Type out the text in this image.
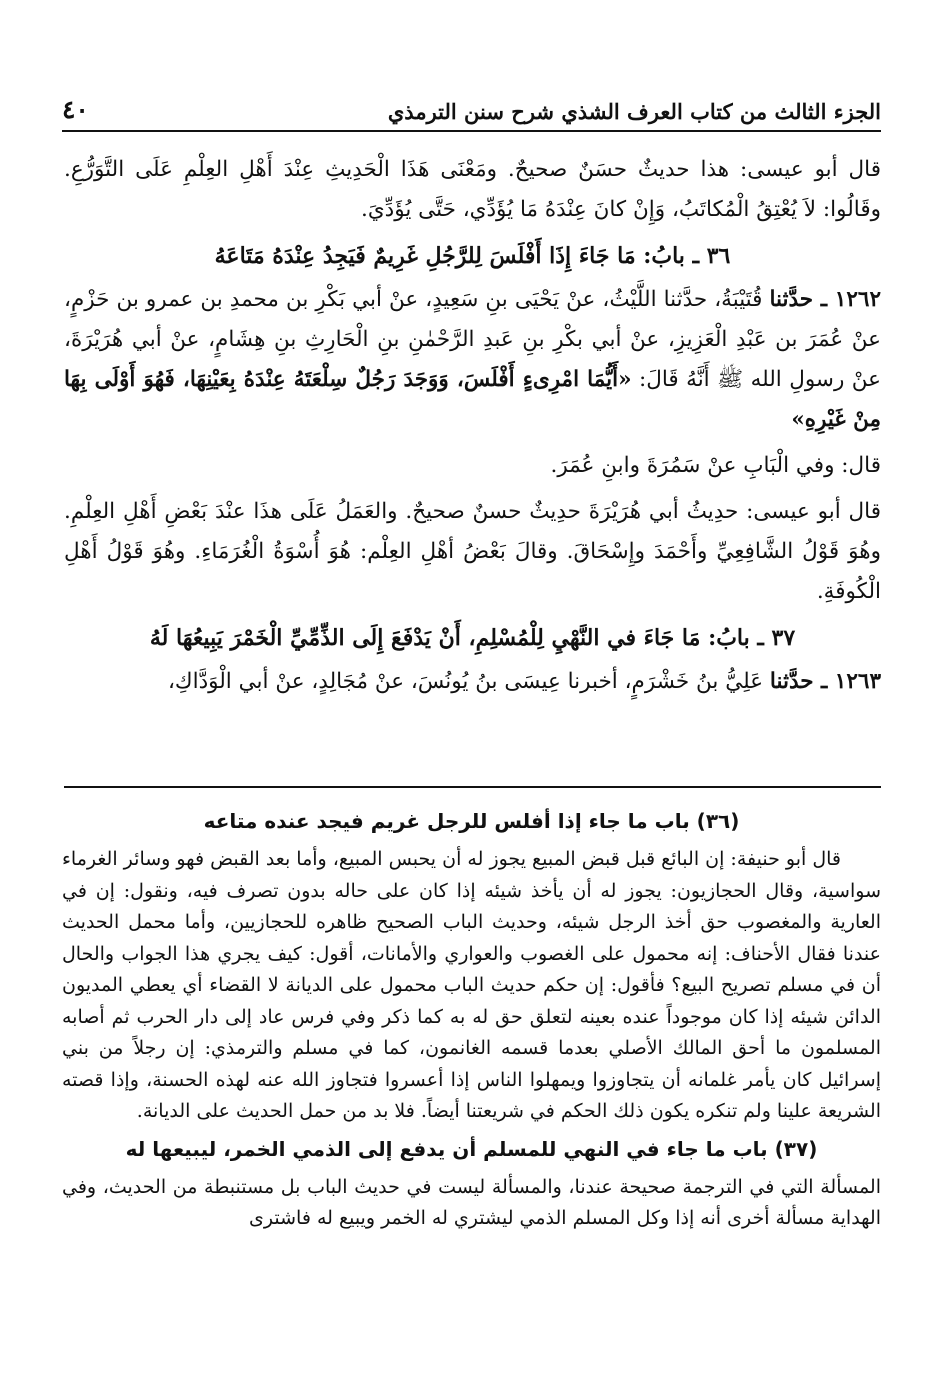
الجزء الثالث من كتاب العرف الشذي شرح سنن الترمذي
٤٠

قال أبو عيسى: هذا حديثٌ حسَنٌ صحيحٌ. ومَعْنَى هَذَا الْحَدِيثِ عِنْدَ أَهْلِ العِلْمِ عَلَى التَّوَرُّعِ. وقَالُوا: لاَ يُعْتِقُ الْمُكاتَبُ، وَإِنْ كانَ عِنْدَهُ مَا يُؤَدِّي، حَتَّى يُؤَدِّيَ.

٣٦ ـ بابُ: مَا جَاءَ إِذَا أَفْلَسَ لِلرَّجُلِ غَرِيمٌ فَيَجِدُ عِنْدَهُ مَتَاعَهُ

١٢٦٢ ـ حدَّثنا قُتَيْبَةُ، حدَّثنا اللَّيْثُ، عنْ يَحْيَى بنِ سَعِيدٍ، عنْ أبي بَكْرِ بن محمدِ بن عمرو بن حَزْمٍ، عنْ عُمَرَ بن عَبْدِ الْعَزِيزِ، عنْ أبي بكْرِ بنِ عَبدِ الرَّحْمٰنِ بنِ الْحَارِثِ بنِ هِشَامٍ، عنْ أبي هُرَيْرَةَ، عنْ رسولِ الله ﷺ أَنَّهُ قَالَ: «أَيُّمَا امْرِىءٍ أَفْلَسَ، وَوَجَدَ رَجُلٌ سِلْعَتَهُ عِنْدَهُ بِعَيْنِهَا، فَهُوَ أَوْلَى بِهَا مِنْ غَيْرِهِ»

قال: وفي الْبَابِ عنْ سَمُرَةَ وابنِ عُمَرَ.

قال أبو عيسى: حدِيثُ أبي هُرَيْرَةَ حدِيثٌ حسنٌ صحيحٌ. والعَمَلُ عَلَى هذَا عنْدَ بَعْضِ أَهْلِ العِلْمِ. وهُوَ قَوْلُ الشَّافِعِيِّ وأَحْمَدَ وإِسْحَاقَ. وقالَ بَعْضُ أهْلِ العِلْم: هُوَ أُسْوَةُ الْغُرَمَاءِ. وهُوَ قَوْلُ أَهْلِ الْكُوفَةِ.

٣٧ ـ بابُ: مَا جَاءَ في النَّهْيِ لِلْمُسْلِمِ، أَنْ يَدْفَعَ إِلَى الذِّمِّيِّ الْخَمْرَ يَبِيعُهَا لَهُ

١٢٦٣ ـ حدَّثنا عَلِيُّ بنُ خَشْرَمٍ، أخبرنا عِيسَى بنُ يُونُسَ، عنْ مُجَالِدٍ، عنْ أبي الْوَدَّاكِ،

(٣٦) باب ما جاء إذا أفلس للرجل غريم فيجد عنده متاعه

قال أبو حنيفة: إن البائع قبل قبض المبيع يجوز له أن يحبس المبيع، وأما بعد القبض فهو وسائر الغرماء سواسية، وقال الحجازيون: يجوز له أن يأخذ شيئه إذا كان على حاله بدون تصرف فيه، ونقول: إن في العارية والمغصوب حق أخذ الرجل شيئه، وحديث الباب الصحيح ظاهره للحجازيين، وأما محمل الحديث عندنا فقال الأحناف: إنه محمول على الغصوب والعواري والأمانات، أقول: كيف يجري هذا الجواب والحال أن في مسلم تصريح البيع؟ فأقول: إن حكم حديث الباب محمول على الديانة لا القضاء أي يعطي المديون الدائن شيئه إذا كان موجوداً عنده بعينه لتعلق حق له به كما ذكر وفي فرس عاد إلى دار الحرب ثم أصابه المسلمون ما أحق المالك الأصلي بعدما قسمه الغانمون، كما في مسلم والترمذي: إن رجلاً من بني إسرائيل كان يأمر غلمانه أن يتجاوزوا ويمهلوا الناس إذا أعسروا فتجاوز الله عنه لهذه الحسنة، وإذا قصته الشريعة علينا ولم تنكره يكون ذلك الحكم في شريعتنا أيضاً. فلا بد من حمل الحديث على الديانة.

(٣٧) باب ما جاء في النهي للمسلم أن يدفع إلى الذمي الخمر، ليبيعها له

المسألة التي في الترجمة صحيحة عندنا، والمسألة ليست في حديث الباب بل مستنبطة من الحديث، وفي الهداية مسألة أخرى أنه إذا وكل المسلم الذمي ليشتري له الخمر ويبيع له فاشترى
